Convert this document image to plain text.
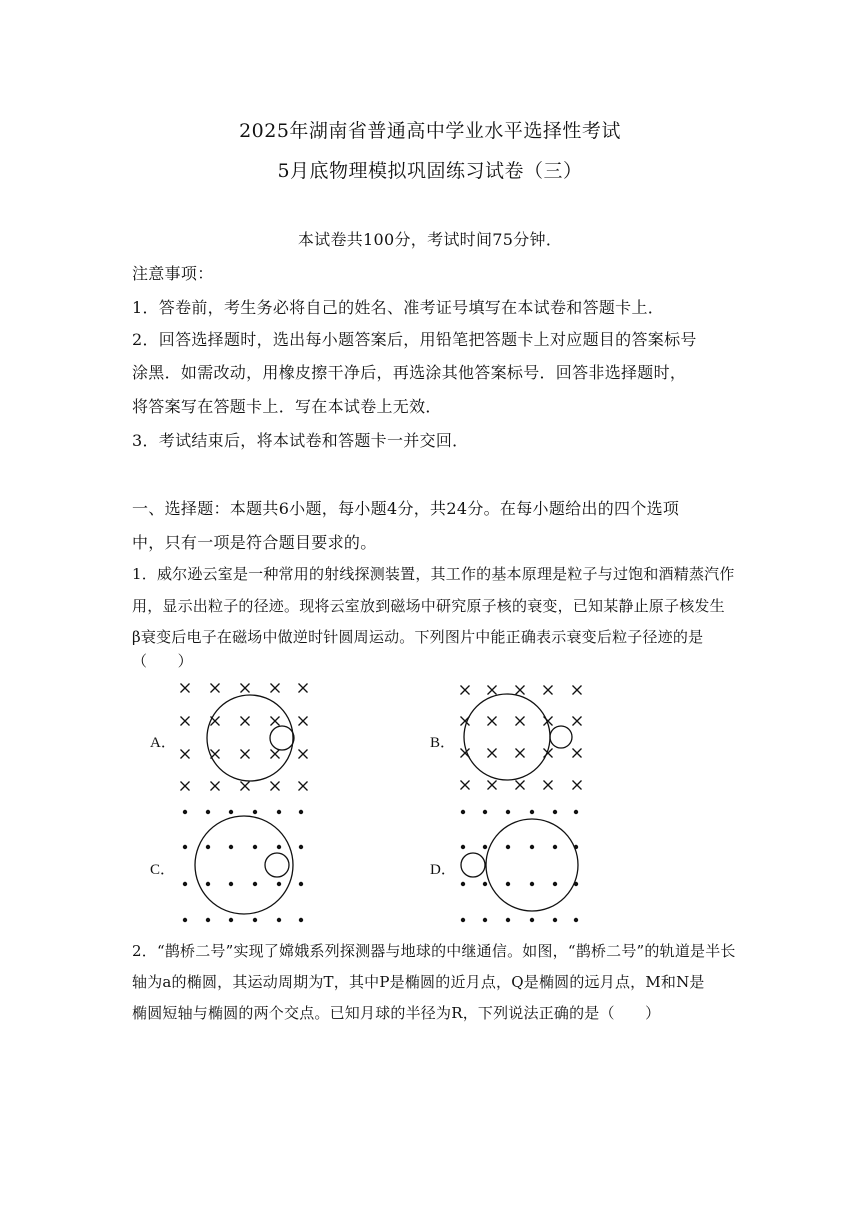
2025年湖南省普通高中学业水平选择性考试
5月底物理模拟巩固练习试卷（三）
本试卷共100分，考试时间75分钟．
注意事项：
1．答卷前，考生务必将自己的姓名、准考证号填写在本试卷和答题卡上．
2．回答选择题时，选出每小题答案后，用铅笔把答题卡上对应题目的答案标号
涂黑．如需改动，用橡皮擦干净后，再选涂其他答案标号．回答非选择题时，
将答案写在答题卡上．写在本试卷上无效．
3．考试结束后，将本试卷和答题卡一并交回．
一、选择题：本题共6小题，每小题4分，共24分。在每小题给出的四个选项
中，只有一项是符合题目要求的。
1．威尔逊云室是一种常用的射线探测装置，其工作的基本原理是粒子与过饱和酒精蒸汽作
用，显示出粒子的径迹。现将云室放到磁场中研究原子核的衰变，已知某静止原子核发生
β衰变后电子在磁场中做逆时针圆周运动。下列图片中能正确表示衰变后粒子径迹的是
（　　）
A．	B．
C．	D．
2．“鹊桥二号”实现了嫦娥系列探测器与地球的中继通信。如图，“鹊桥二号”的轨道是半长
轴为a的椭圆，其运动周期为T，其中P是椭圆的近月点，Q是椭圆的远月点，M和N是
椭圆短轴与椭圆的两个交点。已知月球的半径为R，下列说法正确的是（　　）
